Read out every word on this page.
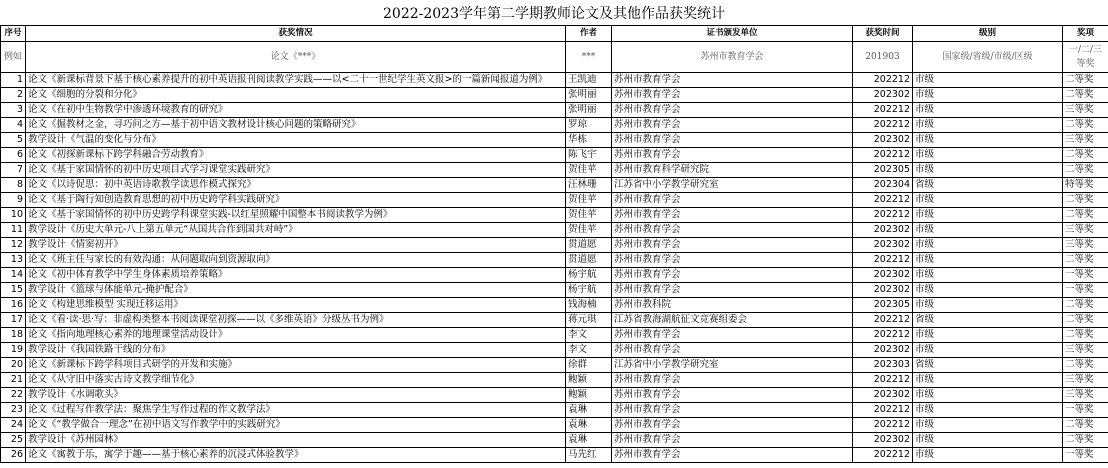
2022-2023学年第二学期教师论文及其他作品获奖统计
序号	获奖情况	作者	证书颁发单位	获奖时间	级别	奖项
例如	论文《***》	***	苏州市教育学会	201903	国家级/省级/市级/区级	一/二/三等奖
1	论文《新课标背景下基于核心素养提升的初中英语报刊阅读教学实践——以<二十一世纪学生英文报>的一篇新闻报道为例》	王凯迪	苏州市教育学会	202212	市级	二等奖
2	论文《细胞的分裂和分化》	张明丽	苏州市教育学会	202302	市级	二等奖
3	论文《在初中生物教学中渗透环境教育的研究》	张明丽	苏州市教育学会	202212	市级	三等奖
4	论文《掘教材之金，寻巧问之方—基于初中语文教材设计核心问题的策略研究》	罗琼	苏州市教育学会	202212	市级	二等奖
5	教学设计《气温的变化与分布》	华栋	苏州市教育学会	202302	市级	三等奖
6	论文《初探新课标下跨学科融合劳动教育》	陈飞宇	苏州市教育学会	202212	市级	二等奖
7	论文《基于家国情怀的初中历史项目式学习课堂实践研究》	贺佳苹	苏州市教育科学研究院	202305	市级	二等奖
8	论文《以诗促思：初中英语诗歌教学读思作模式探究》	汪林珊	江苏省中小学教学研究室	202304	省级	特等奖
9	论文《基于陶行知创造教育思想的初中历史跨学科实践研究》	贺佳苹	苏州市教育学会	202212	市级	二等奖
10	论文《基于家国情怀的初中历史跨学科课堂实践-以红星照耀中国整本书阅读教学为例》	贺佳苹	苏州市教育学会	202212	市级	二等奖
11	教学设计《历史大单元-八上第五单元“从国共合作到国共对峙”》	贺佳苹	苏州市教育学会	202302	市级	三等奖
12	教学设计《情窦初开》	贯道愿	苏州市教育学会	202302	市级	三等奖
13	论文《班主任与家长的有效沟通：从问题取向到资源取向》	贯道愿	苏州市教育学会	202212	市级	二等奖
14	论文《初中体育教学中学生身体素质培养策略》	杨宇航	苏州市教育学会	202302	市级	一等奖
15	教学设计《篮球与体能单元-掩护配合》	杨宇航	苏州市教育学会	202302	市级	一等奖
16	论文《构建思维模型 实现迁移运用》	钱海楠	苏州市教科院	202305	市级	二等奖
17	论文《看·读·思·写：非虚构类整本书阅读课堂初探——以《多维英语》分级丛书为例》	蒋元琪	江苏省教海湖航征文竞赛组委会	202212	省级	二等奖
18	论文《指向地理核心素养的地理课堂活动设计》	李文	苏州市教育学会	202212	市级	二等奖
19	教学设计《我国铁路干线的分布》	李文	苏州市教育学会	202302	市级	三等奖
20	论文《新课标下跨学科项目式研学的开发和实施》	徐群	江苏省中小学教学研究室	202303	省级	二等奖
21	论文《从守旧中落实古诗文教学细节化》	鲍颖	苏州市教育学会	202212	市级	三等奖
22	教学设计《水调歌头》	鲍颖	苏州市教育学会	202302	市级	三等奖
23	论文《过程写作教学法：聚焦学生写作过程的作文教学法》	袁琳	苏州市教育学会	202212	市级	一等奖
24	论文《“教学做合一理念”在初中语文写作教学中的实践研究》	袁琳	苏州市教育学会	202212	市级	二等奖
25	教学设计《苏州园林》	袁琳	苏州市教育学会	202302	市级	二等奖
26	论文《寓教于乐，寓学于趣——基于核心素养的沉浸式体验教学》	马先红	苏州市教育学会	202212	市级	一等奖
